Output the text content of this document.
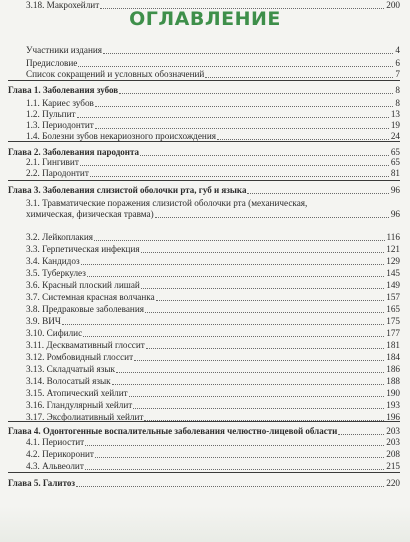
ОГЛАВЛЕНИЕ
Участники издания	4
Предисловие	6
Список сокращений и условных обозначений	7
Глава 1. Заболевания зубов	8
1.1. Кариес зубов	8
1.2. Пульпит	13
1.3. Периодонтит	19
1.4. Болезни зубов некариозного происхождения	24
Глава 2. Заболевания пародонта	65
2.1. Гингивит	65
2.2. Пародонтит	81
Глава 3. Заболевания слизистой оболочки рта, губ и языка	96
3.1. Травматические поражения слизистой оболочки рта (механическая,
химическая, физическая травма)	96
3.2. Лейкоплакия	116
3.3. Герпетическая инфекция	121
3.4. Кандидоз	129
3.5. Туберкулез	145
3.6. Красный плоский лишай	149
3.7. Системная красная волчанка	157
3.8. Предраковые заболевания	165
3.9. ВИЧ	175
3.10. Сифилис	177
3.11. Десквамативный глоссит	181
3.12. Ромбовидный глоссит	184
3.13. Складчатый язык	186
3.14. Волосатый язык	188
3.15. Атопический хейлит	190
3.16. Гландулярный хейлит	193
3.17. Эксфолиативный хейлит	196
3.18. Макрохейлит	200
Глава 4. Одонтогенные воспалительные заболевания челюстно-лицевой области	203
4.1. Периостит	203
4.2. Перикоронит	208
4.3. Альвеолит	215
Глава 5. Галитоз	220
